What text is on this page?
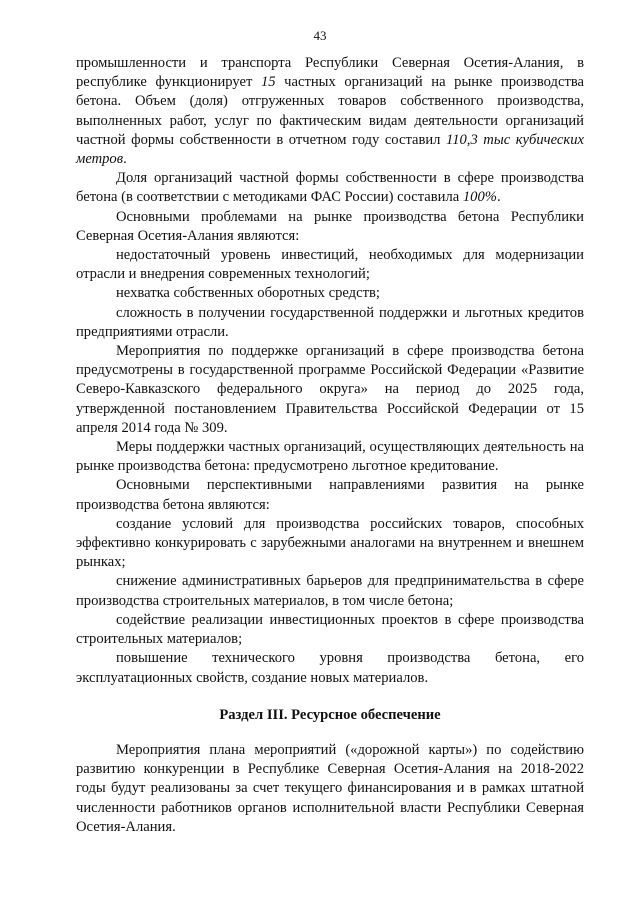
43

промышленности и транспорта Республики Северная Осетия-Алания, в республике функционирует 15 частных организаций на рынке производства бетона. Объем (доля) отгруженных товаров собственного производства, выполненных работ, услуг по фактическим видам деятельности организаций частной формы собственности в отчетном году составил 110,3 тыс кубических метров.

Доля организаций частной формы собственности в сфере производства бетона (в соответствии с методиками ФАС России) составила 100%.

Основными проблемами на рынке производства бетона Республики Северная Осетия-Алания являются:

недостаточный уровень инвестиций, необходимых для модернизации отрасли и внедрения современных технологий;

нехватка собственных оборотных средств;

сложность в получении государственной поддержки и льготных кредитов предприятиями отрасли.

Мероприятия по поддержке организаций в сфере производства бетона предусмотрены в государственной программе Российской Федерации «Развитие Северо-Кавказского федерального округа» на период до 2025 года, утвержденной постановлением Правительства Российской Федерации от 15 апреля 2014 года № 309.

Меры поддержки частных организаций, осуществляющих деятельность на рынке производства бетона: предусмотрено льготное кредитование.

Основными перспективными направлениями развития на рынке производства бетона являются:

создание условий для производства российских товаров, способных эффективно конкурировать с зарубежными аналогами на внутреннем и внешнем рынках;

снижение административных барьеров для предпринимательства в сфере производства строительных материалов, в том числе бетона;

содействие реализации инвестиционных проектов в сфере производства строительных материалов;

повышение технического уровня производства бетона, его эксплуатационных свойств, создание новых материалов.

Раздел III. Ресурсное обеспечение

Мероприятия плана мероприятий («дорожной карты») по содействию развитию конкуренции в Республике Северная Осетия-Алания на 2018-2022 годы будут реализованы за счет текущего финансирования и в рамках штатной численности работников органов исполнительной власти Республики Северная Осетия-Алания.
